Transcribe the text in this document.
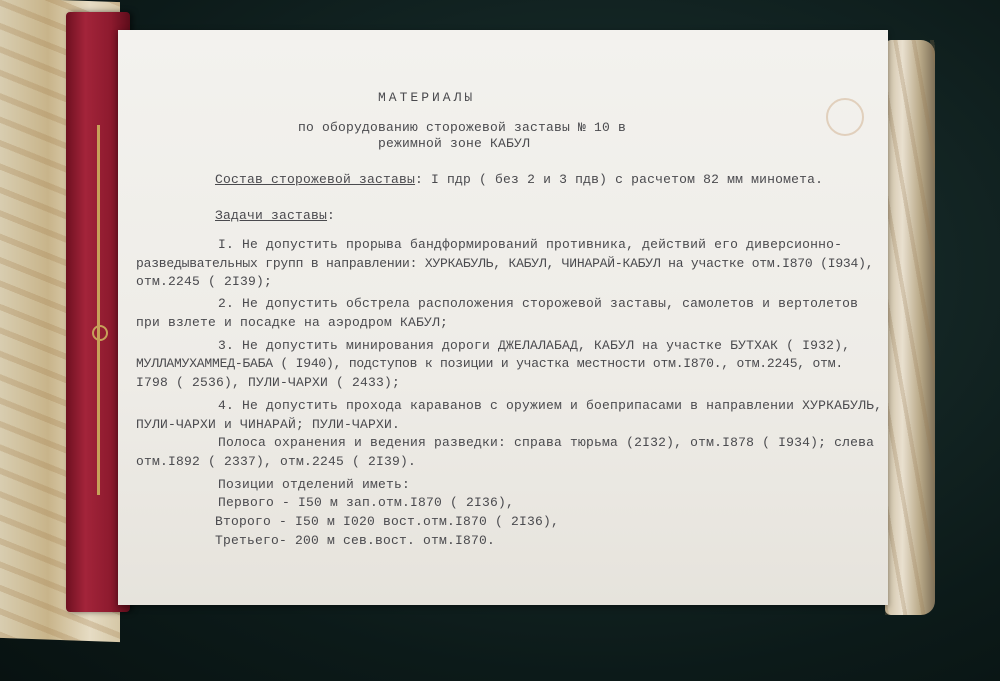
МАТЕРИАЛЫ
по оборудованию сторожевой заставы № 10 в
режимной зоне КАБУЛ
Состав сторожевой заставы: I пдр ( без 2 и 3 пдв) с расчетом 82 мм миномета.
Задачи заставы:
I. Не допустить прорыва бандформирований противника, действий его диверсионно-
разведывательных групп в направлении: ХУРКАБУЛЬ, КАБУЛ, ЧИНАРАЙ-КАБУЛ на участке отм.I870 (I934),
отм.2245 ( 2I39);
2. Не допустить обстрела расположения сторожевой заставы, самолетов и вертолетов
при взлете и посадке на аэродром КАБУЛ;
3. Не допустить минирования дороги ДЖЕЛАЛАБАД, КАБУЛ на участке БУТХАК ( I932),
МУЛЛАМУХАММЕД-БАБА ( I940), подступов к позиции и участка местности отм.I870., отм.2245, отм.
I798 ( 2536), ПУЛИ-ЧАРХИ ( 2433);
4. Не допустить прохода караванов с оружием и боеприпасами в направлении ХУРКАБУЛЬ,
ПУЛИ-ЧАРХИ и ЧИНАРАЙ; ПУЛИ-ЧАРХИ.
Полоса охранения и ведения разведки: справа тюрьма (2I32), отм.I878 ( I934); слева
отм.I892 ( 2337), отм.2245 ( 2I39).
Позиции отделений иметь:
Первого - I50 м зап.отм.I870 ( 2I36),
Второго - I50 м I020 вост.отм.I870 ( 2I36),
Третьего- 200 м сев.вост. отм.I870.
